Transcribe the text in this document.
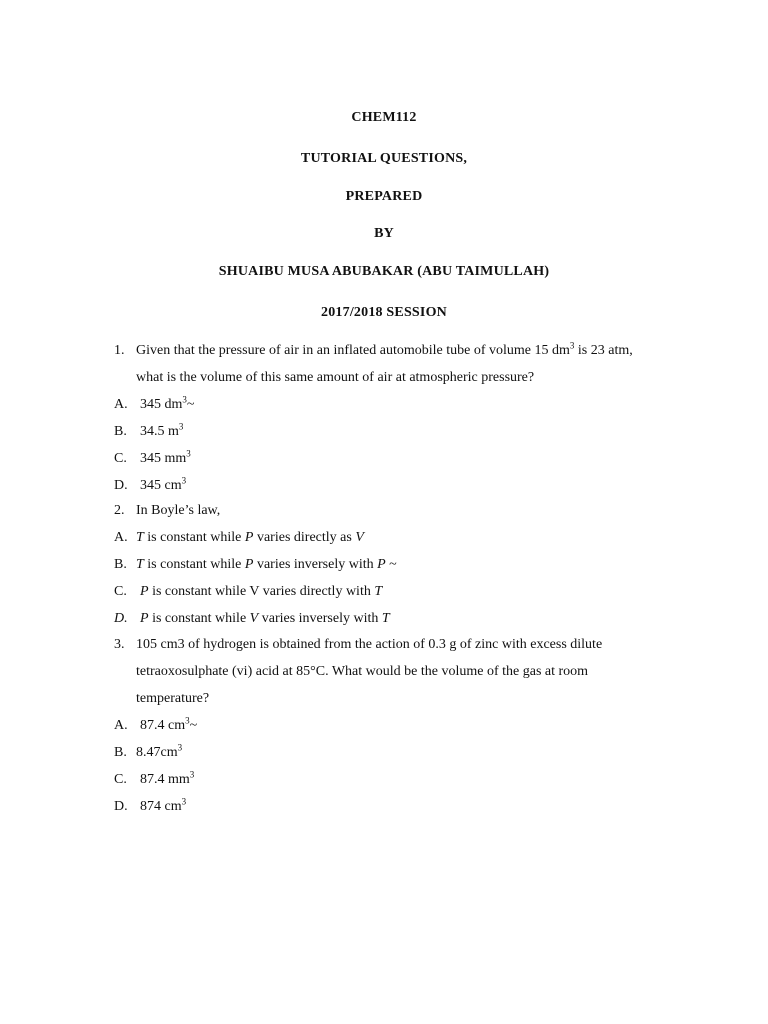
CHEM112
TUTORIAL QUESTIONS,
PREPARED
BY
SHUAIBU MUSA ABUBAKAR (ABU TAIMULLAH)
2017/2018 SESSION
1. Given that the pressure of air in an inflated automobile tube of volume 15 $dm^3$ is 23 atm,
what is the volume of this same amount of air at atmospheric pressure?
A. 345 $dm^3\sim$
B. 34.5 $m^3$
C. 345 $mm^3$
D. 345 $cm^3$
2. In Boyle’s law,
A. T is constant while P varies directly as V
B. T is constant while P varies inversely with P ~
C. P is constant while V varies directly with T
D. P is constant while V varies inversely with T
3. 105 cm3 of hydrogen is obtained from the action of 0.3 g of zinc with excess dilute
tetraoxosulphate (vi) acid at 85°C. What would be the volume of the gas at room
temperature?
A. 87.4 $cm^3\sim$
B. $8.47cm^3$
C. 87.4 $mm^3$
D. 874 $cm^3$
